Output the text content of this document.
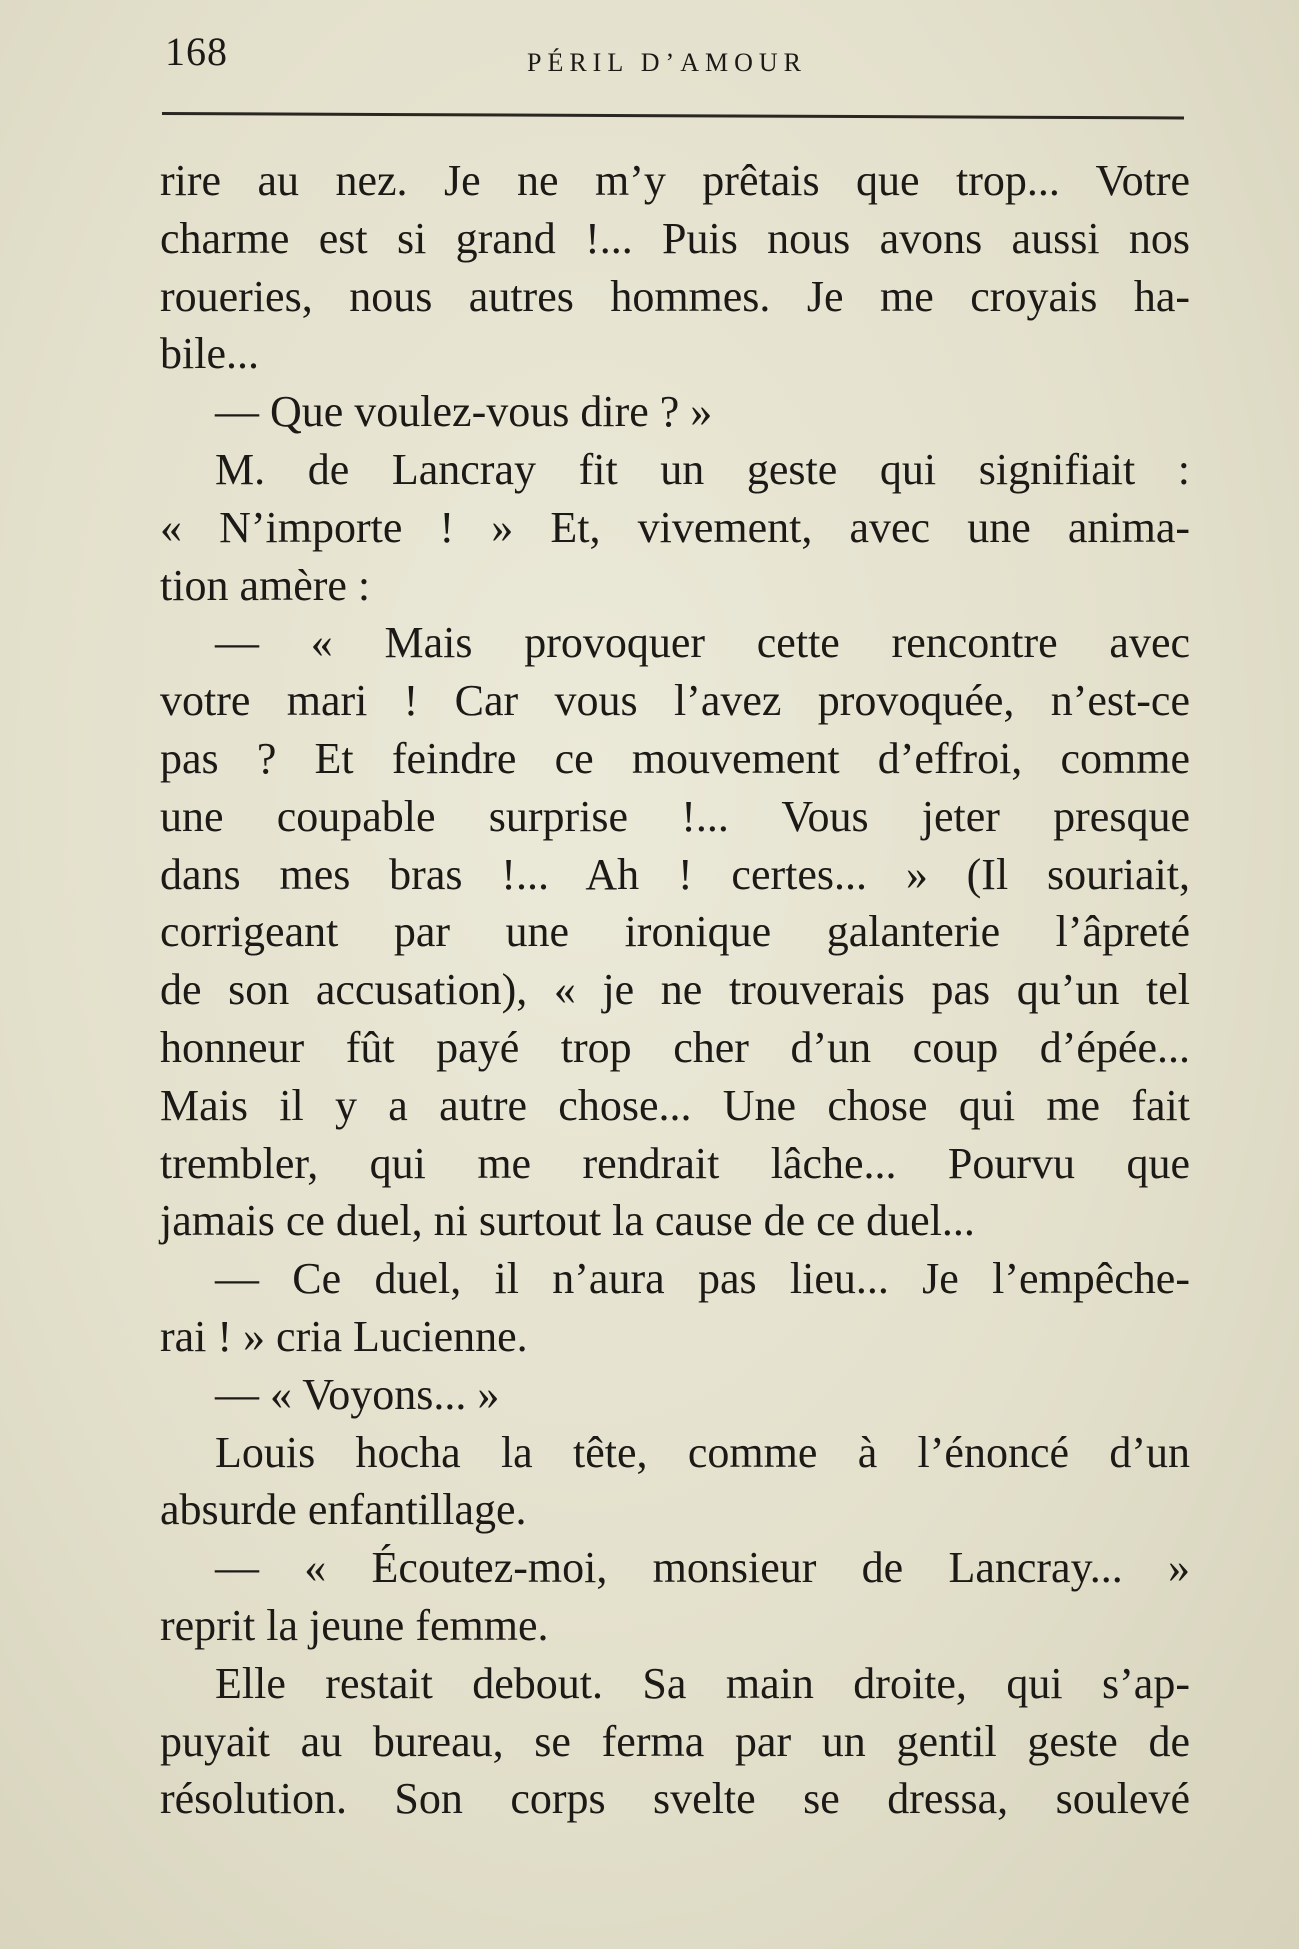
168	PÉRIL D’AMOUR
rire au nez. Je ne m’y prêtais que trop... Votre
charme est si grand !... Puis nous avons aussi nos
roueries, nous autres hommes. Je me croyais ha-
bile...
— Que voulez-vous dire ? »
M. de Lancray fit un geste qui signifiait :
« N’importe ! » Et, vivement, avec une anima-
tion amère :
— « Mais provoquer cette rencontre avec
votre mari ! Car vous l’avez provoquée, n’est-ce
pas ? Et feindre ce mouvement d’effroi, comme
une coupable surprise !... Vous jeter presque
dans mes bras !... Ah ! certes... » (Il souriait,
corrigeant par une ironique galanterie l’âpreté
de son accusation), « je ne trouverais pas qu’un tel
honneur fût payé trop cher d’un coup d’épée...
Mais il y a autre chose... Une chose qui me fait
trembler, qui me rendrait lâche... Pourvu que
jamais ce duel, ni surtout la cause de ce duel...
— Ce duel, il n’aura pas lieu... Je l’empêche-
rai ! » cria Lucienne.
— « Voyons... »
Louis hocha la tête, comme à l’énoncé d’un
absurde enfantillage.
— « Écoutez-moi, monsieur de Lancray... »
reprit la jeune femme.
Elle restait debout. Sa main droite, qui s’ap-
puyait au bureau, se ferma par un gentil geste de
résolution. Son corps svelte se dressa, soulevé
